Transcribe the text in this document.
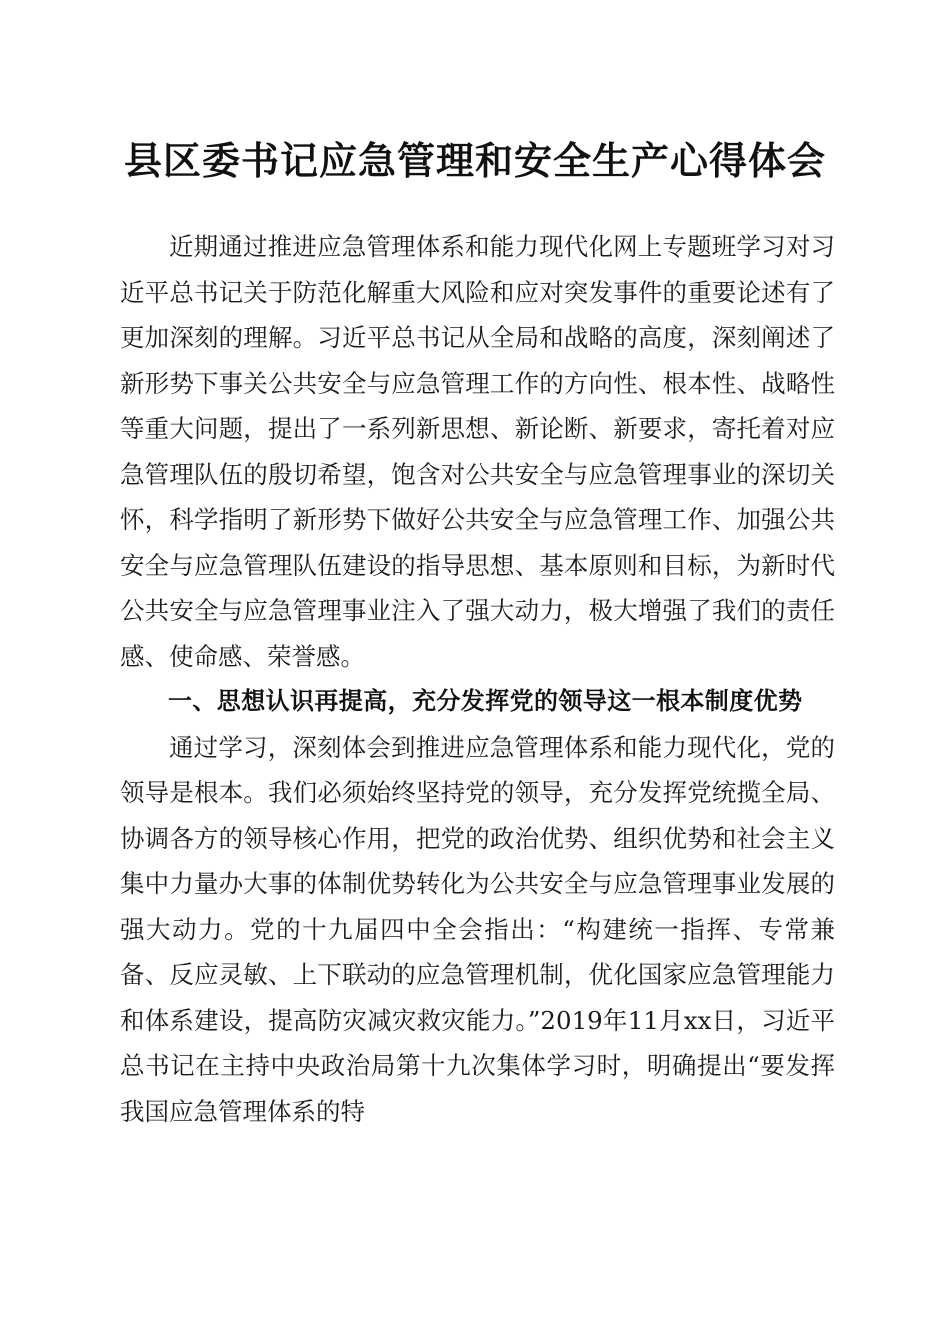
县区委书记应急管理和安全生产心得体会

近期通过推进应急管理体系和能力现代化网上专题班学习对习近平总书记关于防范化解重大风险和应对突发事件的重要论述有了更加深刻的理解。习近平总书记从全局和战略的高度，深刻阐述了新形势下事关公共安全与应急管理工作的方向性、根本性、战略性等重大问题，提出了一系列新思想、新论断、新要求，寄托着对应急管理队伍的殷切希望，饱含对公共安全与应急管理事业的深切关怀，科学指明了新形势下做好公共安全与应急管理工作、加强公共安全与应急管理队伍建设的指导思想、基本原则和目标，为新时代公共安全与应急管理事业注入了强大动力，极大增强了我们的责任感、使命感、荣誉感。

一、思想认识再提高，充分发挥党的领导这一根本制度优势

通过学习，深刻体会到推进应急管理体系和能力现代化，党的领导是根本。我们必须始终坚持党的领导，充分发挥党统揽全局、协调各方的领导核心作用，把党的政治优势、组织优势和社会主义集中力量办大事的体制优势转化为公共安全与应急管理事业发展的强大动力。党的十九届四中全会指出：“构建统一指挥、专常兼备、反应灵敏、上下联动的应急管理机制，优化国家应急管理能力和体系建设，提高防灾减灾救灾能力。”2019年11月xx日，习近平总书记在主持中央政治局第十九次集体学习时，明确提出“要发挥我国应急管理体系的特
